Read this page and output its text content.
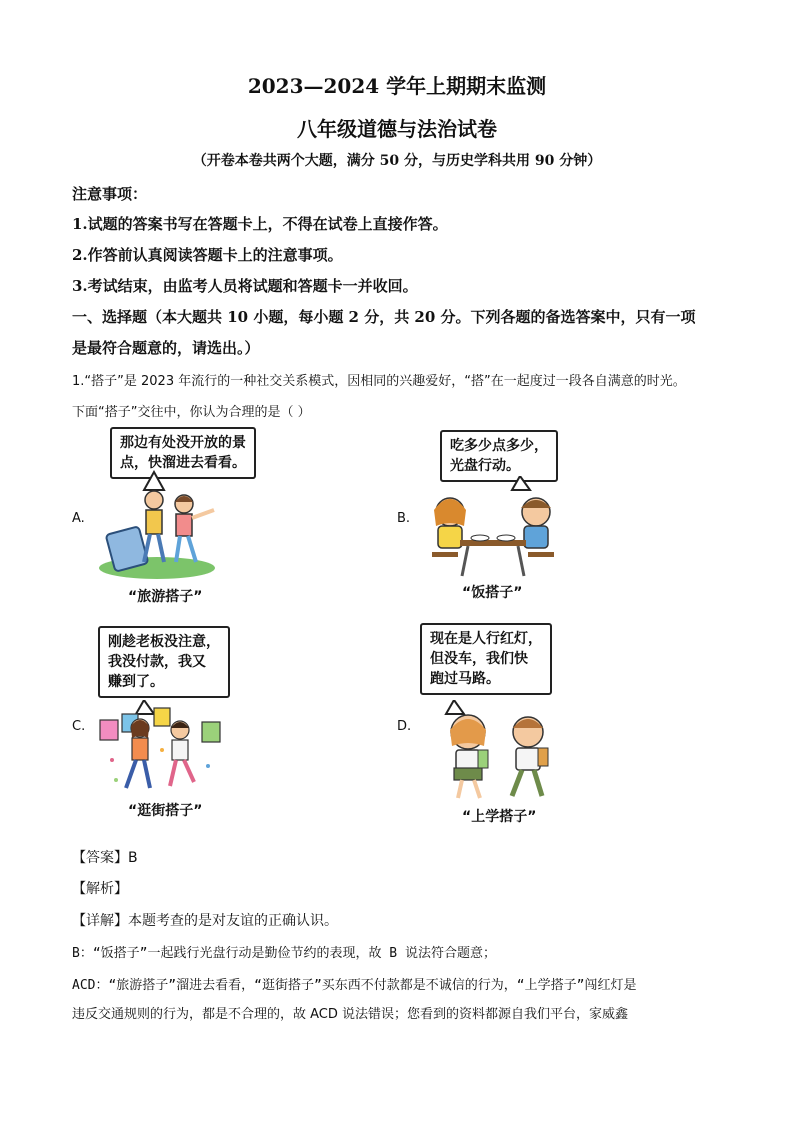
2023—2024 学年上期期末监测
八年级道德与法治试卷
（开卷本卷共两个大题，满分 50 分，与历史学科共用 90 分钟）
注意事项：
1.试题的答案书写在答题卡上，不得在试卷上直接作答。
2.作答前认真阅读答题卡上的注意事项。
3.考试结束，由监考人员将试题和答题卡一并收回。
一、选择题（本大题共 10 小题，每小题 2 分，共 20 分。下列各题的备选答案中，只有一项
是最符合题意的，请选出。）
1.“搭子”是 2023 年流行的一种社交关系模式，因相同的兴趣爱好，“搭”在一起度过一段各自满意的时光。
下面“搭子”交往中，你认为合理的是（ ）
A.
那边有处没开放的景
点，快溜进去看看。
“旅游搭子”
B.
吃多少点多少，
光盘行动。
“饭搭子”
C.
刚趁老板没注意，
我没付款，我又
赚到了。
“逛街搭子”
D.
现在是人行红灯，
但没车，我们快
跑过马路。
“上学搭子”
【答案】B
【解析】
【详解】本题考查的是对友谊的正确认识。
B：“饭搭子”一起践行光盘行动是勤俭节约的表现，故 B 说法符合题意；
ACD：“旅游搭子”溜进去看看，“逛街搭子”买东西不付款都是不诚信的行为，“上学搭子”闯红灯是
违反交通规则的行为，都是不合理的，故 ACD 说法错误；您看到的资料都源自我们平台，家威鑫
